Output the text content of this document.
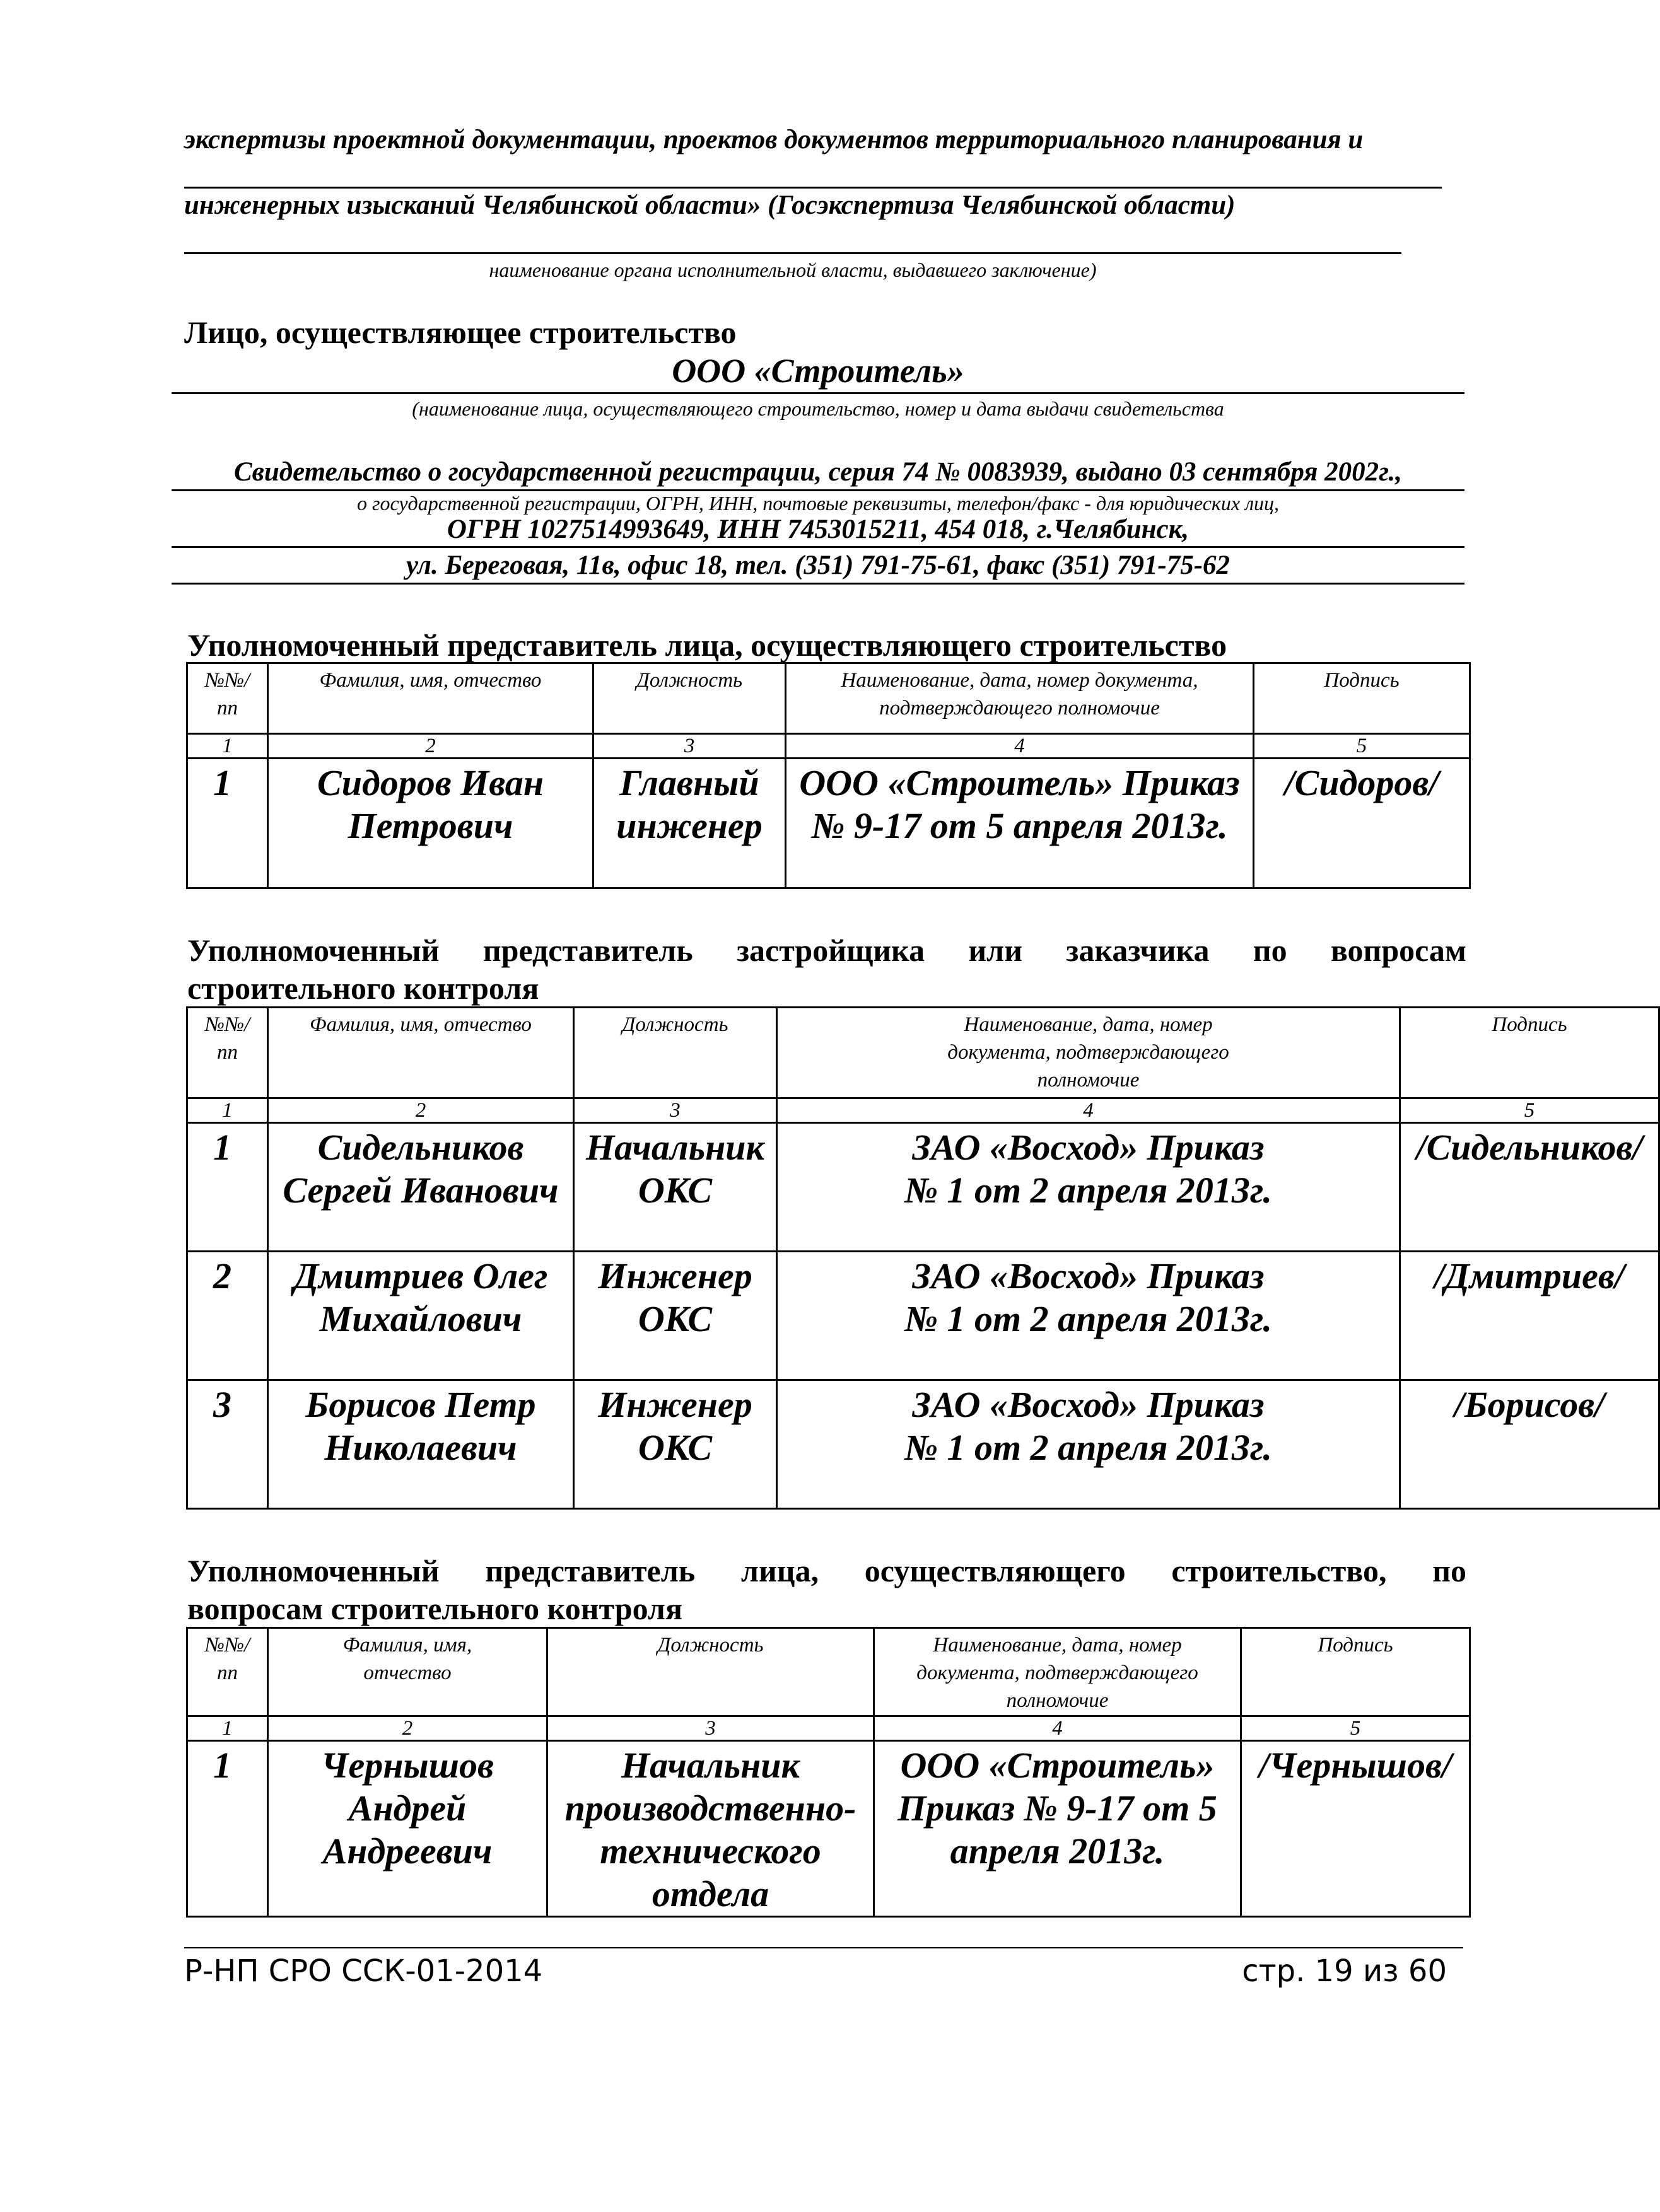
экспертизы проектной документации, проектов документов территориального планирования и
инженерных изысканий Челябинской области» (Госэкспертиза Челябинской области)
наименование органа исполнительной власти, выдавшего заключение)
Лицо, осуществляющее строительство
ООО «Строитель»
(наименование лица, осуществляющего строительство, номер и дата выдачи свидетельства
Свидетельство о государственной регистрации, серия 74 № 0083939, выдано 03 сентября 2002г.,
о государственной регистрации, ОГРН, ИНН, почтовые реквизиты, телефон/факс - для юридических лиц,
ОГРН 1027514993649, ИНН 7453015211, 454 018, г.Челябинск,
ул. Береговая, 11в, офис 18, тел. (351) 791-75-61, факс (351) 791-75-62
Уполномоченный представитель лица, осуществляющего строительство
№№/ пп	Фамилия, имя, отчество	Должность	Наименование, дата, номер документа, подтверждающего полномочие	Подпись
1	2	3	4	5
1	Сидоров Иван Петрович	Главный инженер	ООО «Строитель» Приказ № 9-17 от 5 апреля 2013г.	/Сидоров/
Уполномоченный представитель застройщика или заказчика по вопросам
строительного контроля
№№/ пп	Фамилия, имя, отчество	Должность	Наименование, дата, номер документа, подтверждающего полномочие	Подпись
1	2	3	4	5
1	Сидельников Сергей Иванович	Начальник ОКС	ЗАО «Восход» Приказ № 1 от 2 апреля 2013г.	/Сидельников/
2	Дмитриев Олег Михайлович	Инженер ОКС	ЗАО «Восход» Приказ № 1 от 2 апреля 2013г.	/Дмитриев/
3	Борисов Петр Николаевич	Инженер ОКС	ЗАО «Восход» Приказ № 1 от 2 апреля 2013г.	/Борисов/
Уполномоченный представитель лица, осуществляющего строительство, по
вопросам строительного контроля
№№/ пп	Фамилия, имя, отчество	Должность	Наименование, дата, номер документа, подтверждающего полномочие	Подпись
1	2	3	4	5
1	Чернышов Андрей Андреевич	Начальник производственно-технического отдела	ООО «Строитель» Приказ № 9-17 от 5 апреля 2013г.	/Чернышов/
Р-НП СРО ССК-01-2014	стр. 19 из 60
